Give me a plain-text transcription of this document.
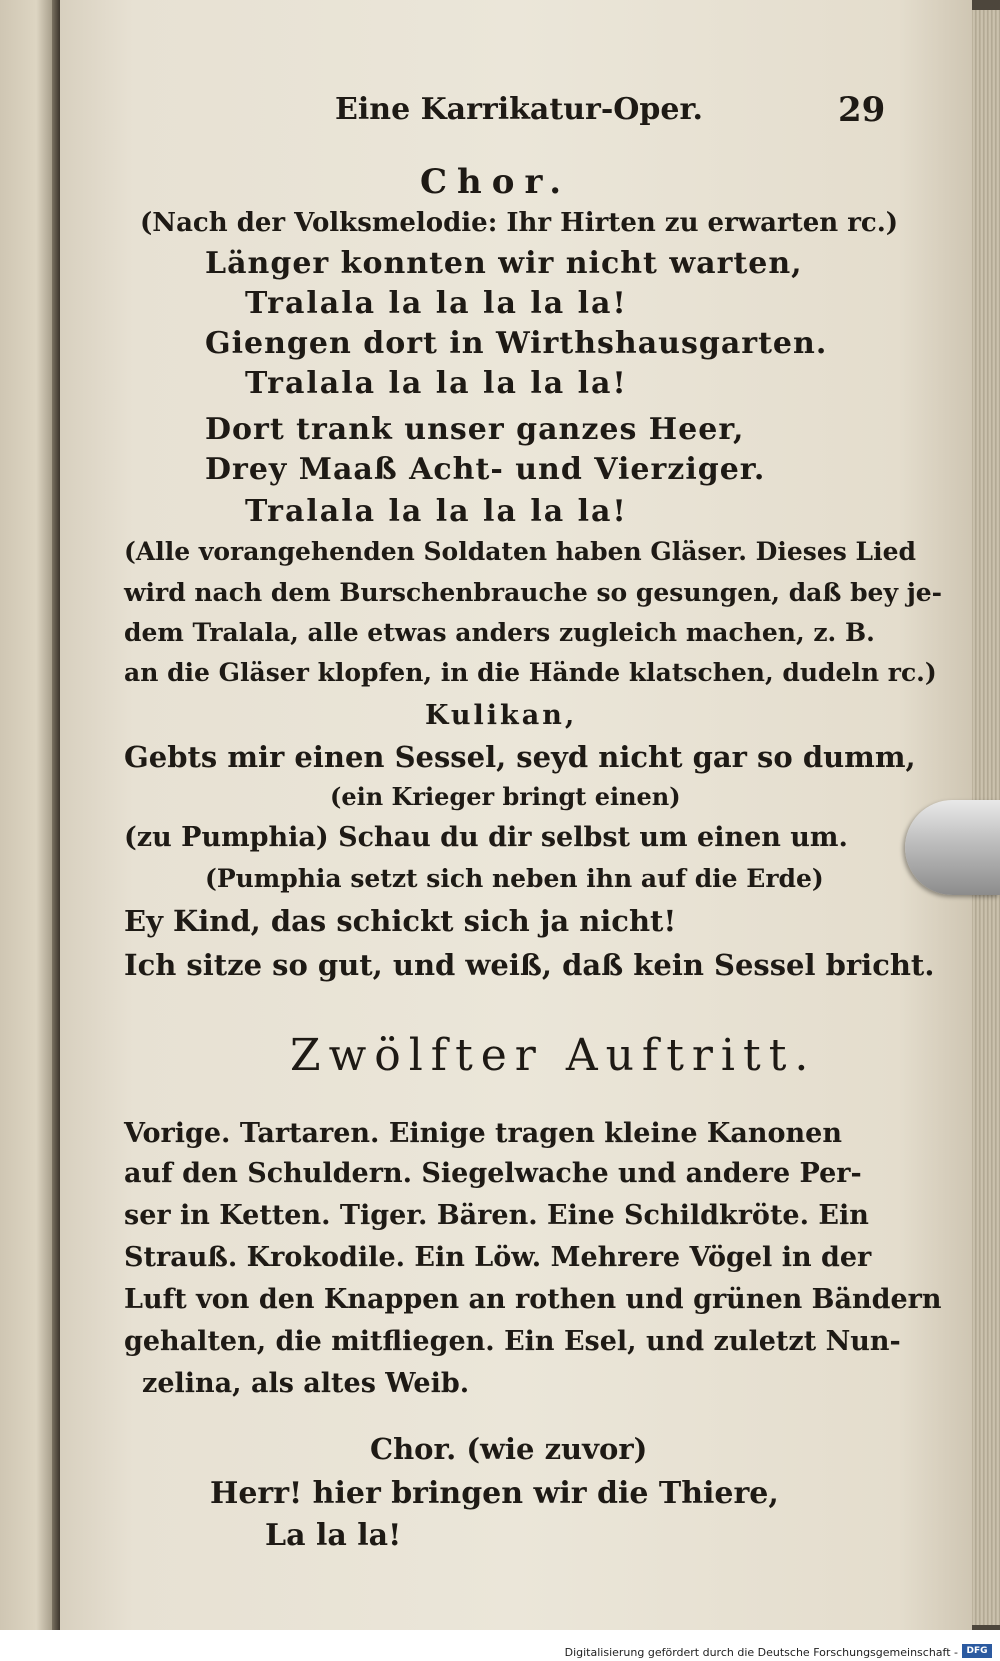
Eine Karrikatur-Oper.	29
Chor.
(Nach der Volksmelodie: Ihr Hirten zu erwarten rc.)
Länger konnten wir nicht warten,
Tralala la la la la la!
Giengen dort in Wirthshausgarten.
Tralala la la la la la!
Dort trank unser ganzes Heer,
Drey Maaß Acht- und Vierziger.
Tralala la la la la la!
(Alle vorangehenden Soldaten haben Gläser. Dieses Lied
wird nach dem Burschenbrauche so gesungen, daß bey je-
dem Tralala, alle etwas anders zugleich machen, z. B.
an die Gläser klopfen, in die Hände klatschen, dudeln rc.)
Kulikan,
Gebts mir einen Sessel, seyd nicht gar so dumm,
(ein Krieger bringt einen)
(zu Pumphia) Schau du dir selbst um einen um.
(Pumphia setzt sich neben ihn auf die Erde)
Ey Kind, das schickt sich ja nicht!
Ich sitze so gut, und weiß, daß kein Sessel bricht.
Zwölfter Auftritt.
Vorige. Tartaren. Einige tragen kleine Kanonen
auf den Schuldern. Siegelwache und andere Per-
ser in Ketten. Tiger. Bären. Eine Schildkröte. Ein
Strauß. Krokodile. Ein Löw. Mehrere Vögel in der
Luft von den Knappen an rothen und grünen Bändern
gehalten, die mitfliegen. Ein Esel, und zuletzt Nun-
zelina, als altes Weib.
Chor. (wie zuvor)
Herr! hier bringen wir die Thiere,
La la la!
Digitalisierung gefördert durch die Deutsche Forschungsgemeinschaft - DFG
